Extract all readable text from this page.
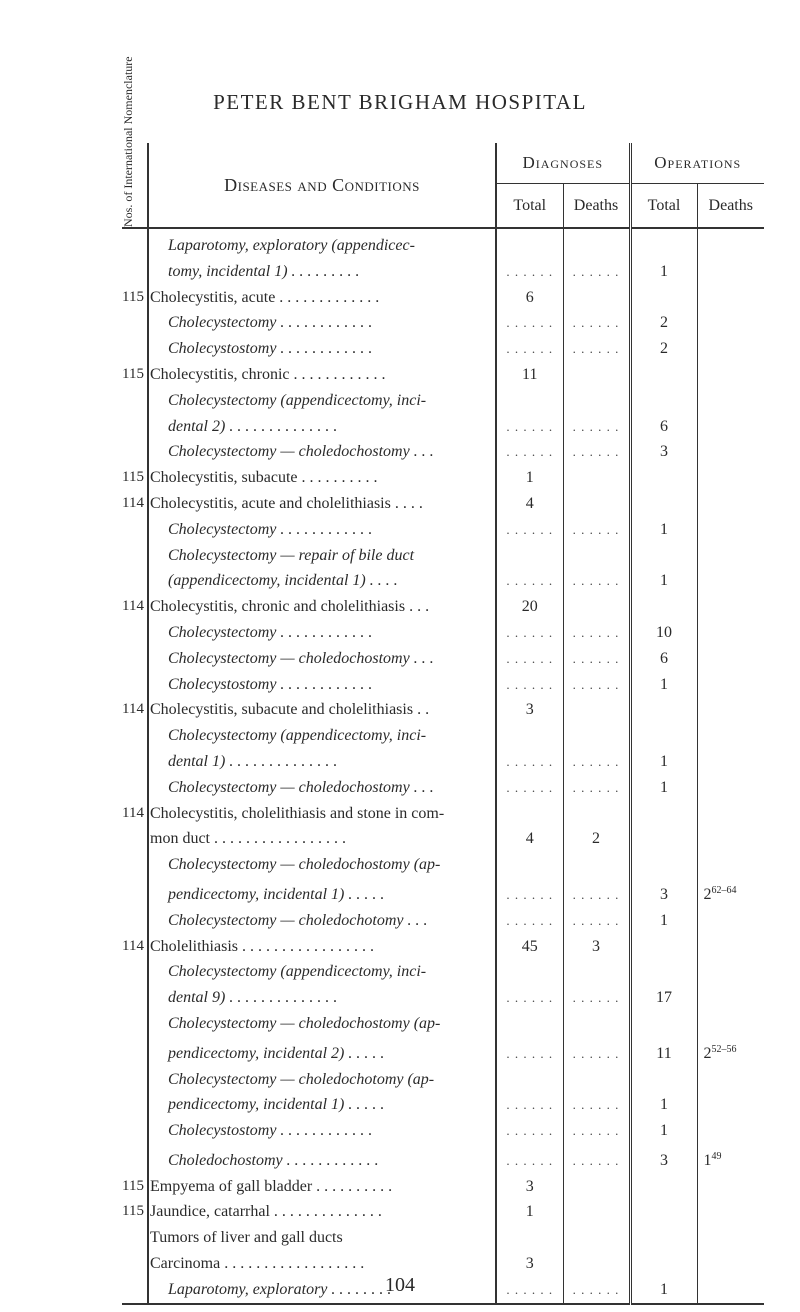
PETER BENT BRIGHAM HOSPITAL
Nos. of International Nomenclature	Diseases and Conditions	Diagnoses		Operations	
		Total	Deaths	Total	Deaths

	Laparotomy, exploratory (appendicec-				

	tomy, incidental 1) . . . . . . . . .	. . . . . .	. . . . . .	1	
115	Cholecystitis, acute . . . . . . . . . . . . .	6			

	Cholecystectomy . . . . . . . . . . . .	. . . . . .	. . . . . .	2	

	Cholecystostomy . . . . . . . . . . . .	. . . . . .	. . . . . .	2	
115	Cholecystitis, chronic . . . . . . . . . . . .	11			

	Cholecystectomy (appendicectomy, inci-				

	dental 2) . . . . . . . . . . . . . .	. . . . . .	. . . . . .	6	

	Cholecystectomy — choledochostomy . . .	. . . . . .	. . . . . .	3	
115	Cholecystitis, subacute . . . . . . . . . .	1			
114	Cholecystitis, acute and cholelithiasis . . . .	4			

	Cholecystectomy . . . . . . . . . . . .	. . . . . .	. . . . . .	1	

	Cholecystectomy — repair of bile duct				

	(appendicectomy, incidental 1) . . . .	. . . . . .	. . . . . .	1	
114	Cholecystitis, chronic and cholelithiasis . . .	20			

	Cholecystectomy . . . . . . . . . . . .	. . . . . .	. . . . . .	10	

	Cholecystectomy — choledochostomy . . .	. . . . . .	. . . . . .	6	

	Cholecystostomy . . . . . . . . . . . .	. . . . . .	. . . . . .	1	
114	Cholecystitis, subacute and cholelithiasis . .	3			

	Cholecystectomy (appendicectomy, inci-				

	dental 1) . . . . . . . . . . . . . .	. . . . . .	. . . . . .	1	

	Cholecystectomy — choledochostomy . . .	. . . . . .	. . . . . .	1	
114	Cholecystitis, cholelithiasis and stone in com-				

	mon duct . . . . . . . . . . . . . . . . .	4	2		

	Cholecystectomy — choledochostomy (ap-				

	pendicectomy, incidental 1) . . . . .	. . . . . .	. . . . . .	3	2$^{62-64}$

	Cholecystectomy — choledochotomy . . .	. . . . . .	. . . . . .	1	
114	Cholelithiasis . . . . . . . . . . . . . . . . .	45	3		

	Cholecystectomy (appendicectomy, inci-				

	dental 9) . . . . . . . . . . . . . .	. . . . . .	. . . . . .	17	

	Cholecystectomy — choledochostomy (ap-				

	pendicectomy, incidental 2) . . . . .	. . . . . .	. . . . . .	11	2$^{52-56}$

	Cholecystectomy — choledochotomy (ap-				

	pendicectomy, incidental 1) . . . . .	. . . . . .	. . . . . .	1	

	Cholecystostomy . . . . . . . . . . . .	. . . . . .	. . . . . .	1	

	Choledochostomy . . . . . . . . . . . .	. . . . . .	. . . . . .	3	$1^{49}$
115	Empyema of gall bladder . . . . . . . . . .	3			
115	Jaundice, catarrhal . . . . . . . . . . . . . .	1			

	Tumors of liver and gall ducts				

	Carcinoma . . . . . . . . . . . . . . . . . .	3			

	Laparotomy, exploratory . . . . . . . .	. . . . . .	. . . . . .	1	
104
